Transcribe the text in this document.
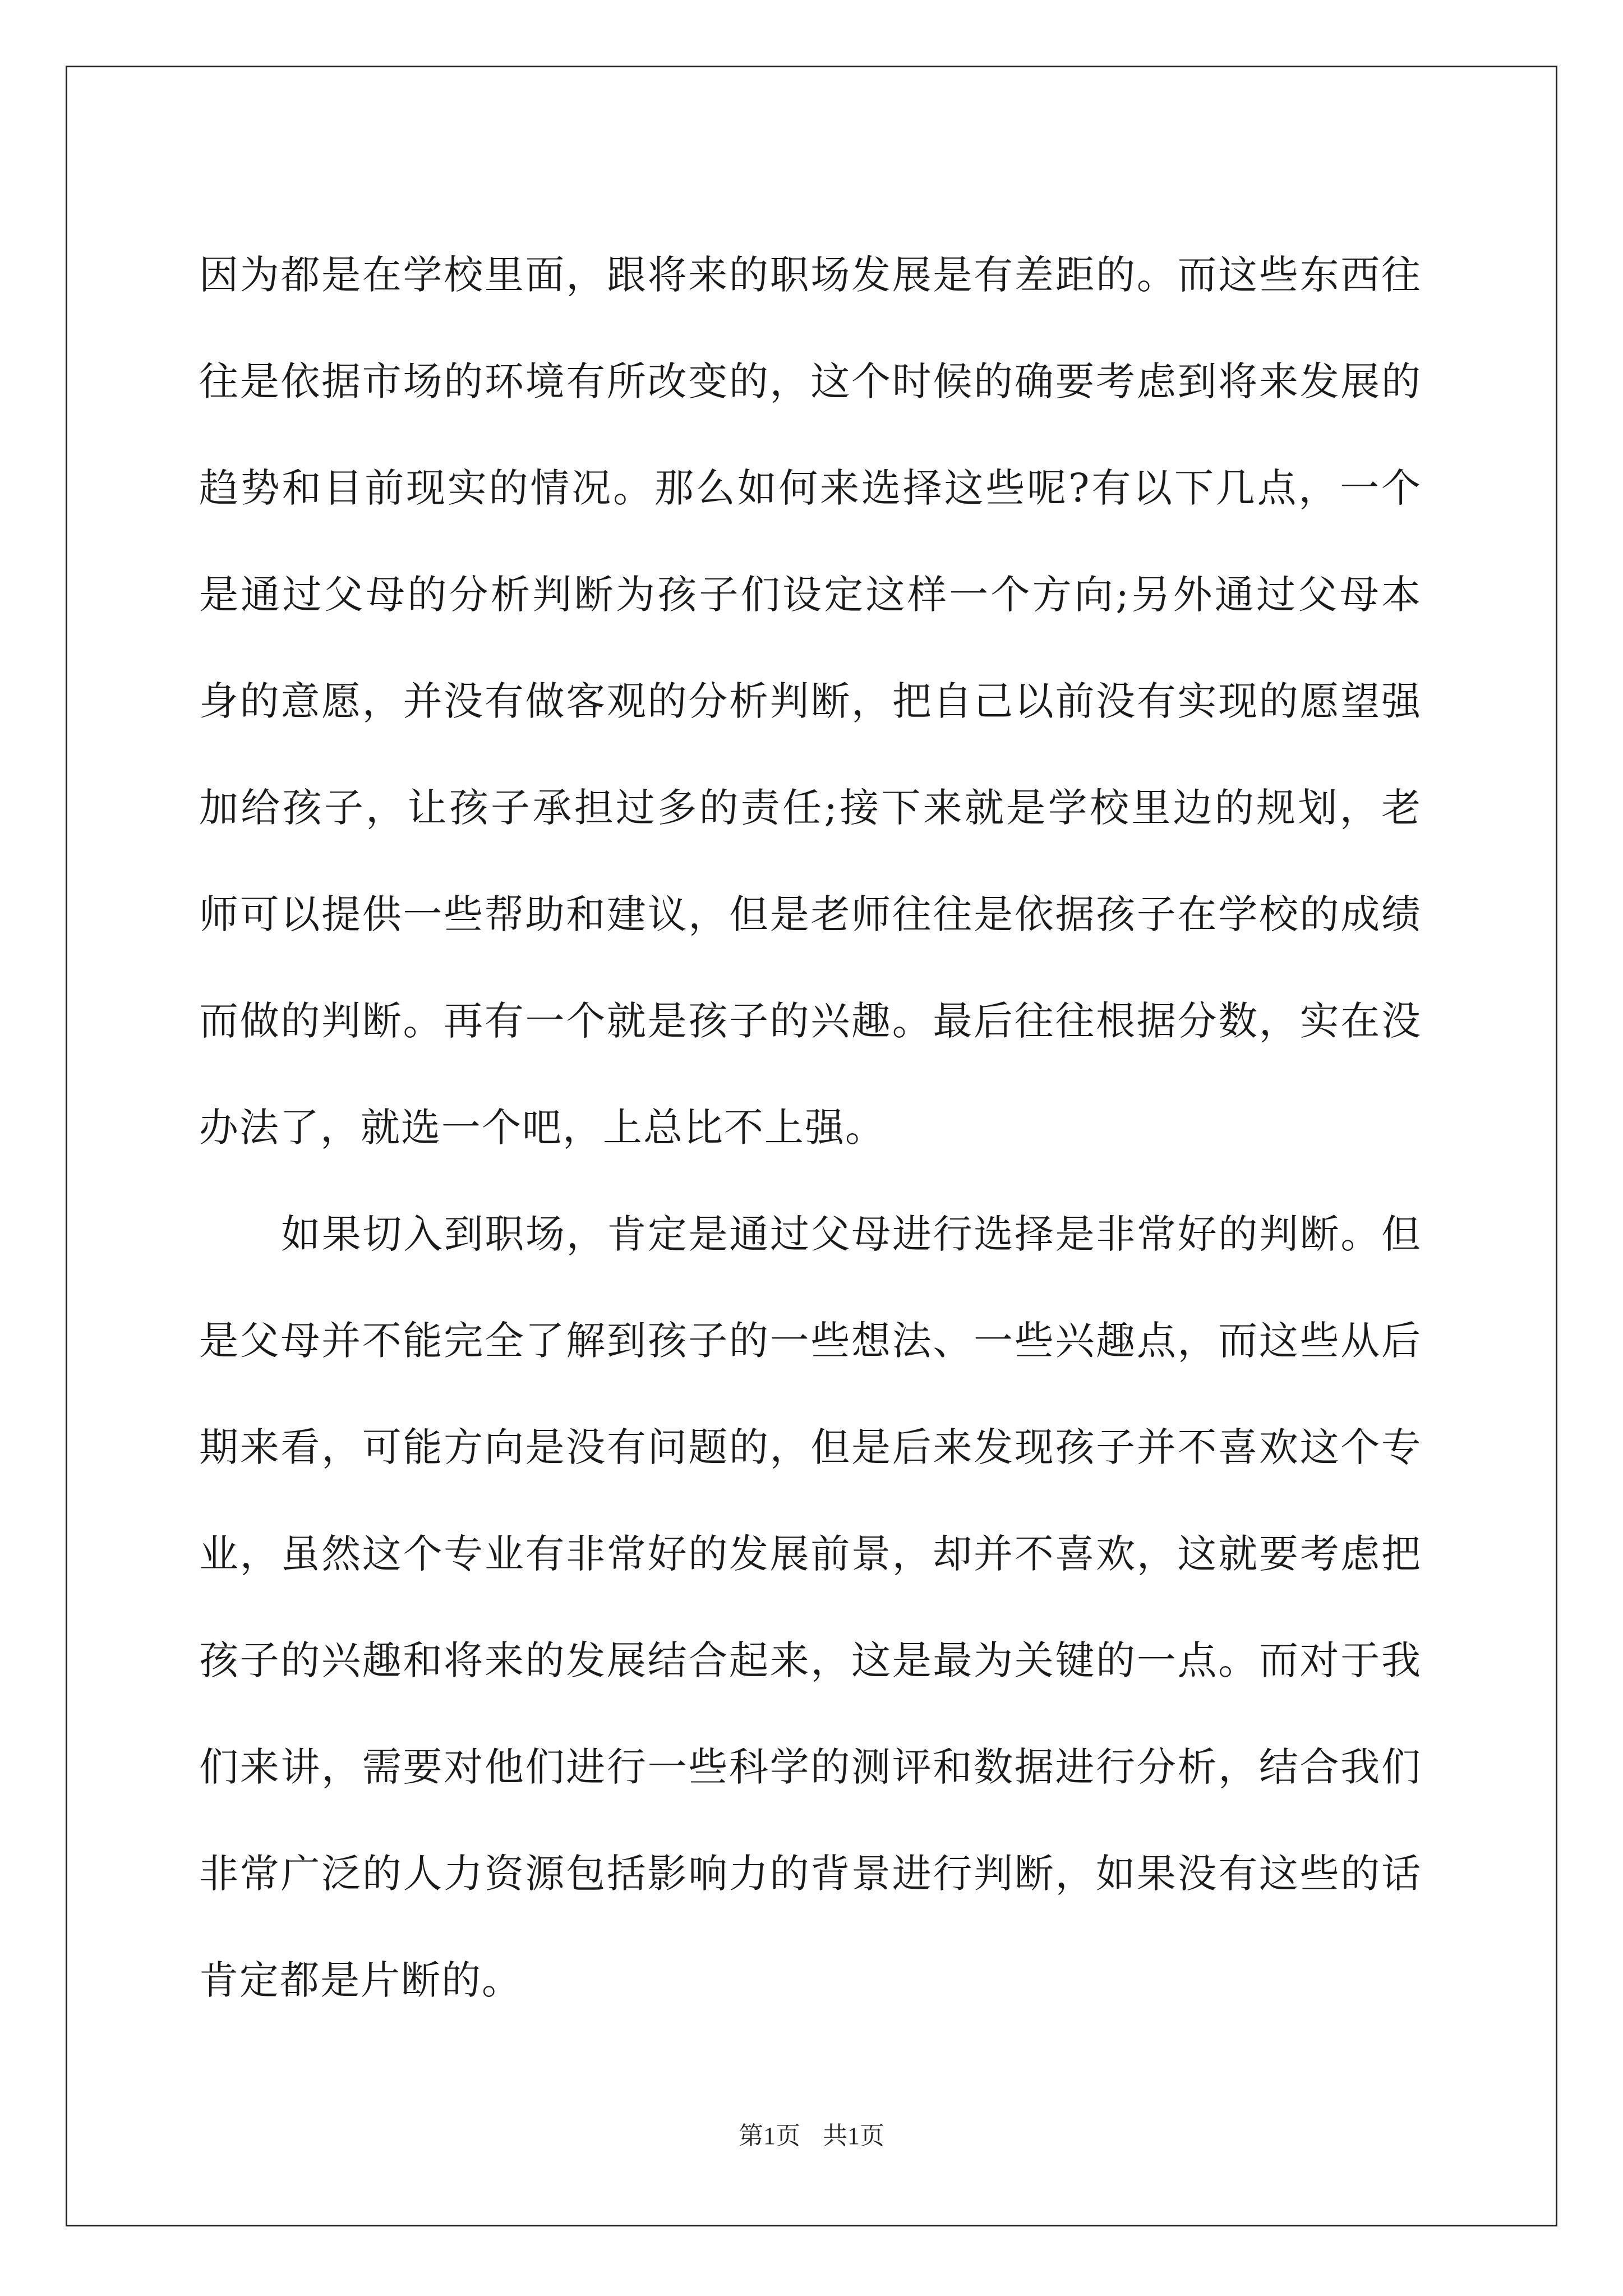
因为都是在学校里面，跟将来的职场发展是有差距的。而这些东西往往是依据市场的环境有所改变的，这个时候的确要考虑到将来发展的趋势和目前现实的情况。那么如何来选择这些呢?有以下几点，一个是通过父母的分析判断为孩子们设定这样一个方向;另外通过父母本身的意愿，并没有做客观的分析判断，把自己以前没有实现的愿望强加给孩子，让孩子承担过多的责任;接下来就是学校里边的规划，老师可以提供一些帮助和建议，但是老师往往是依据孩子在学校的成绩而做的判断。再有一个就是孩子的兴趣。最后往往根据分数，实在没办法了，就选一个吧，上总比不上强。

如果切入到职场，肯定是通过父母进行选择是非常好的判断。但是父母并不能完全了解到孩子的一些想法、一些兴趣点，而这些从后期来看，可能方向是没有问题的，但是后来发现孩子并不喜欢这个专业，虽然这个专业有非常好的发展前景，却并不喜欢，这就要考虑把孩子的兴趣和将来的发展结合起来，这是最为关键的一点。而对于我们来讲，需要对他们进行一些科学的测评和数据进行分析，结合我们非常广泛的人力资源包括影响力的背景进行判断，如果没有这些的话肯定都是片断的。

第1页 共1页
